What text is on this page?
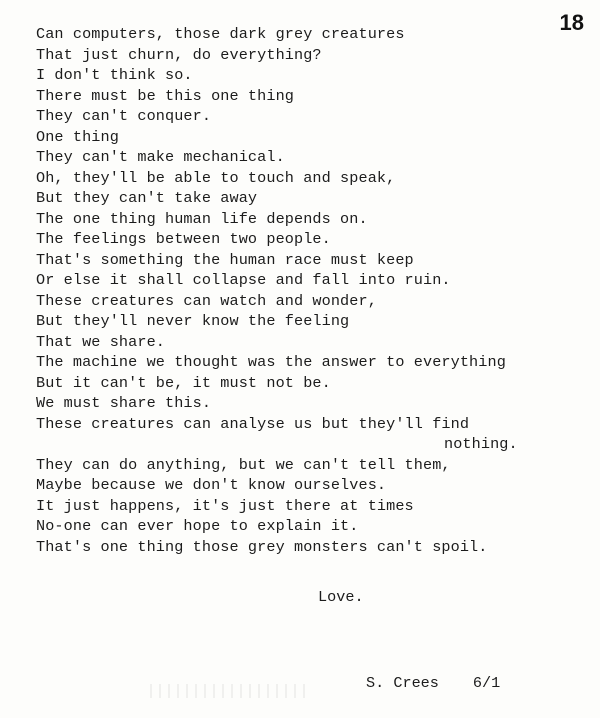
18

Can computers, those dark grey creatures
That just churn, do everything?
I don't think so.
There must be this one thing
They can't conquer.
One thing
They can't make mechanical.
Oh, they'll be able to touch and speak,
But they can't take away
The one thing human life depends on.
The feelings between two people.
That's something the human race must keep
Or else it shall collapse and fall into ruin.
These creatures can watch and wonder,
But they'll never know the feeling
That we share.
The machine we thought was the answer to everything
But it can't be, it must not be.
We must share this.
These creatures can analyse us but they'll find
nothing.
They can do anything, but we can't tell them,
Maybe because we don't know ourselves.
It just happens, it's just there at times
No-one can ever hope to explain it.
That's one thing those grey monsters can't spoil.

Love.

S. Crees 6/1
